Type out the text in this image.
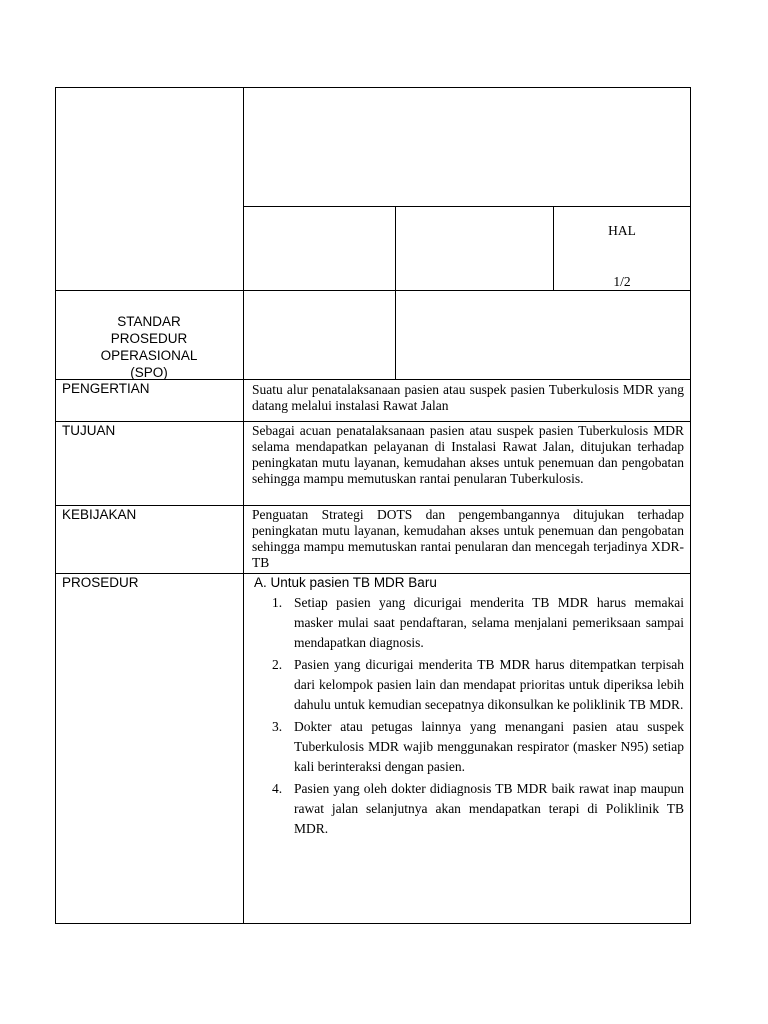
HAL
1/2
STANDAR
PROSEDUR
OPERASIONAL
(SPO)
PENGERTIAN	Suatu alur penatalaksanaan pasien atau suspek pasien Tuberkulosis MDR yang datang melalui instalasi Rawat Jalan
TUJUAN	Sebagai acuan penatalaksanaan pasien atau suspek pasien Tuberkulosis MDR selama mendapatkan pelayanan di Instalasi Rawat Jalan, ditujukan terhadap peningkatan mutu layanan, kemudahan akses untuk penemuan dan pengobatan sehingga mampu memutuskan rantai penularan Tuberkulosis.
KEBIJAKAN	Penguatan Strategi DOTS dan pengembangannya ditujukan terhadap peningkatan mutu layanan, kemudahan akses untuk penemuan dan pengobatan sehingga mampu memutuskan rantai penularan dan mencegah terjadinya XDR-TB
PROSEDUR	A. Untuk pasien TB MDR Baru

1. Setiap pasien yang dicurigai menderita TB MDR harus memakai masker mulai saat pendaftaran, selama menjalani pemeriksaan sampai mendapatkan diagnosis.
2. Pasien yang dicurigai menderita TB MDR harus ditempatkan terpisah dari kelompok pasien lain dan mendapat prioritas untuk diperiksa lebih dahulu untuk kemudian secepatnya dikonsulkan ke poliklinik TB MDR.
3. Dokter atau petugas lainnya yang menangani pasien atau suspek Tuberkulosis MDR wajib menggunakan respirator (masker N95) setiap kali berinteraksi dengan pasien.
4. Pasien yang oleh dokter didiagnosis TB MDR baik rawat inap maupun rawat jalan selanjutnya akan mendapatkan terapi di Poliklinik TB MDR.
